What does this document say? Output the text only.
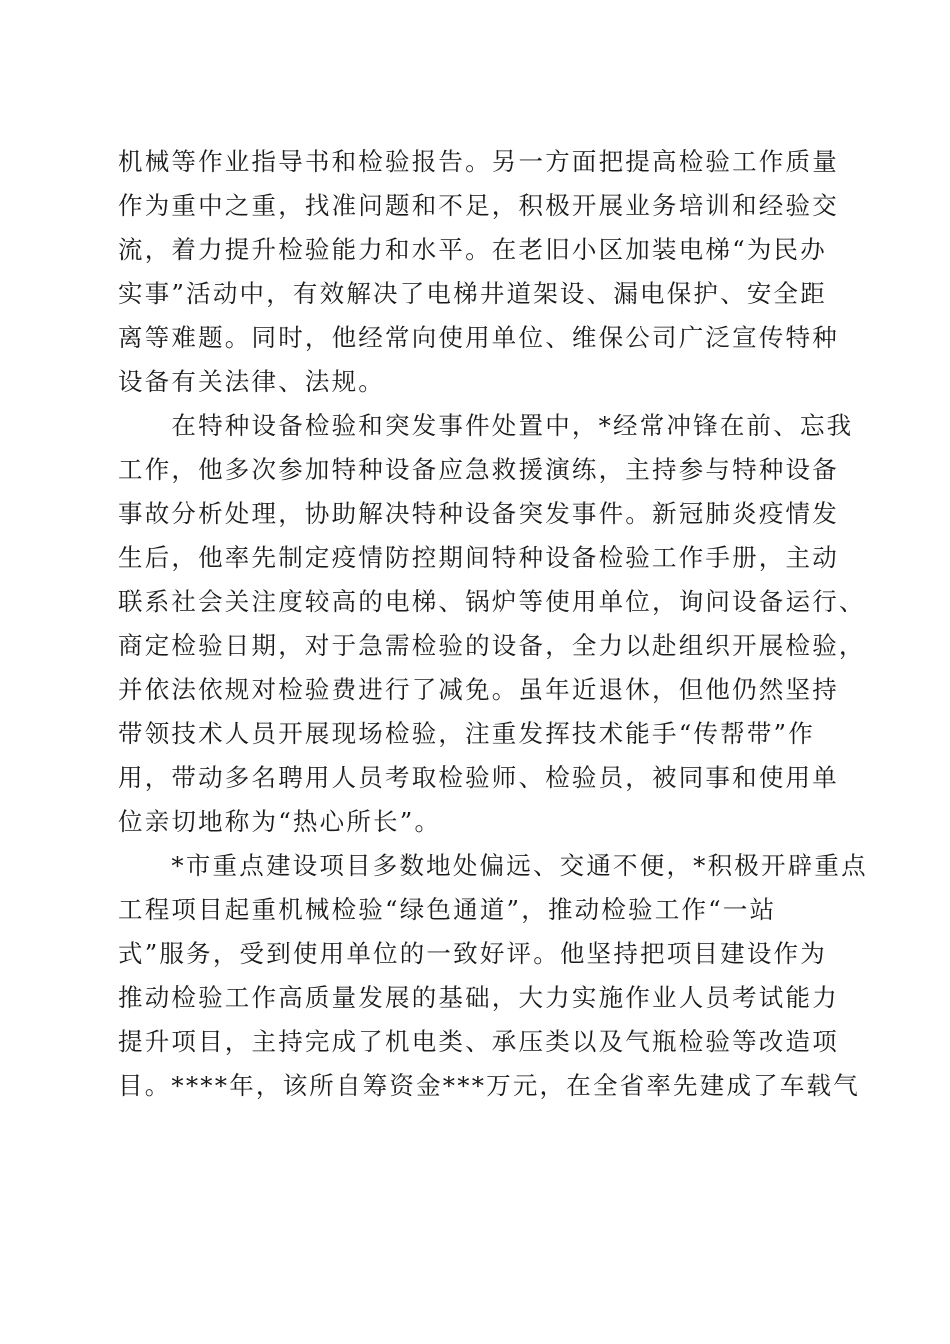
机械等作业指导书和检验报告。另一方面把提高检验工作质量
作为重中之重，找准问题和不足，积极开展业务培训和经验交
流，着力提升检验能力和水平。在老旧小区加装电梯“为民办
实事”活动中，有效解决了电梯井道架设、漏电保护、安全距
离等难题。同时，他经常向使用单位、维保公司广泛宣传特种
设备有关法律、法规。
　　在特种设备检验和突发事件处置中，*经常冲锋在前、忘我
工作，他多次参加特种设备应急救援演练，主持参与特种设备
事故分析处理，协助解决特种设备突发事件。新冠肺炎疫情发
生后，他率先制定疫情防控期间特种设备检验工作手册，主动
联系社会关注度较高的电梯、锅炉等使用单位，询问设备运行、
商定检验日期，对于急需检验的设备，全力以赴组织开展检验，
并依法依规对检验费进行了减免。虽年近退休，但他仍然坚持
带领技术人员开展现场检验，注重发挥技术能手“传帮带”作
用，带动多名聘用人员考取检验师、检验员，被同事和使用单
位亲切地称为“热心所长”。
　　*市重点建设项目多数地处偏远、交通不便，*积极开辟重点
工程项目起重机械检验“绿色通道”，推动检验工作“一站
式”服务，受到使用单位的一致好评。他坚持把项目建设作为
推动检验工作高质量发展的基础，大力实施作业人员考试能力
提升项目，主持完成了机电类、承压类以及气瓶检验等改造项
目。****年，该所自筹资金***万元，在全省率先建成了车载气
